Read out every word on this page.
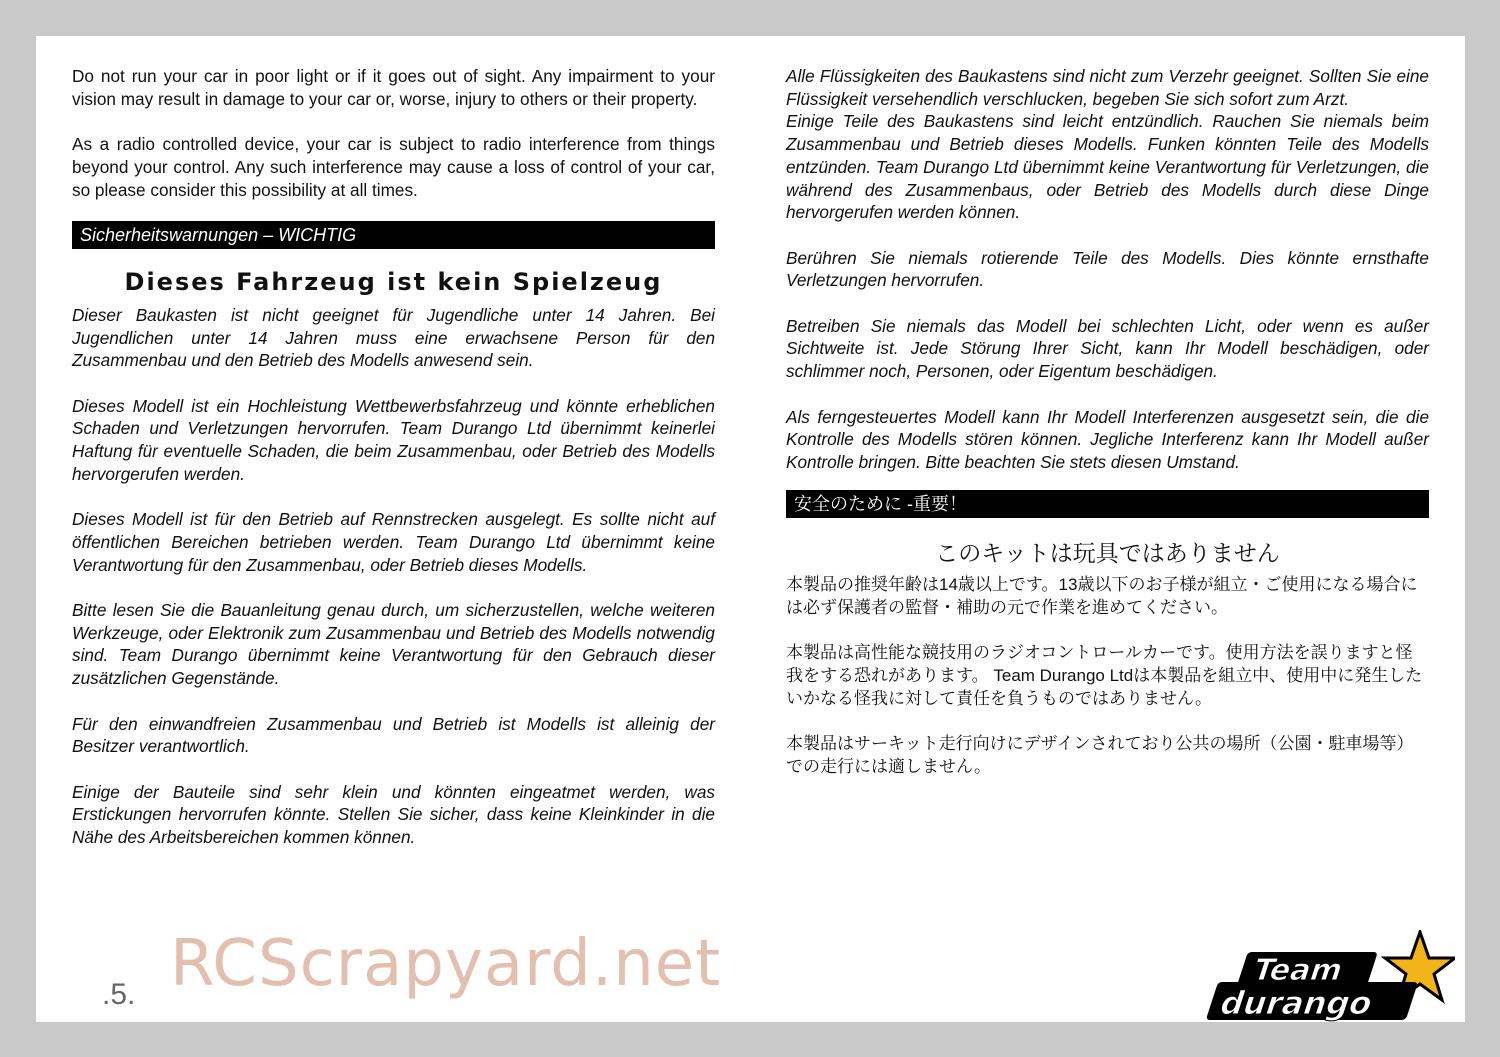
Do not run your car in poor light or if it goes out of sight. Any impairment to your vision may result in damage to your car or, worse, injury to others or their property.

As a radio controlled device, your car is subject to radio interference from things beyond your control. Any such interference may cause a loss of control of your car, so please consider this possibility at all times.

Sicherheitswarnungen – WICHTIG
Dieses Fahrzeug ist kein Spielzeug

Dieser Baukasten ist nicht geeignet für Jugendliche unter 14 Jahren. Bei Jugendlichen unter 14 Jahren muss eine erwachsene Person für den Zusammenbau und den Betrieb des Modells anwesend sein.

Dieses Modell ist ein Hochleistung Wettbewerbsfahrzeug und könnte erheblichen Schaden und Verletzungen hervorrufen. Team Durango Ltd übernimmt keinerlei Haftung für eventuelle Schaden, die beim Zusammenbau, oder Betrieb des Modells hervorgerufen werden.

Dieses Modell ist für den Betrieb auf Rennstrecken ausgelegt. Es sollte nicht auf öffentlichen Bereichen betrieben werden. Team Durango Ltd übernimmt keine Verantwortung für den Zusammenbau, oder Betrieb dieses Modells.

Bitte lesen Sie die Bauanleitung genau durch, um sicherzustellen, welche weiteren Werkzeuge, oder Elektronik zum Zusammenbau und Betrieb des Modells notwendig sind. Team Durango übernimmt keine Verantwortung für den Gebrauch dieser zusätzlichen Gegenstände.

Für den einwandfreien Zusammenbau und Betrieb ist Modells ist alleinig der Besitzer verantwortlich.

Einige der Bauteile sind sehr klein und könnten eingeatmet werden, was Erstickungen hervorrufen könnte. Stellen Sie sicher, dass keine Kleinkinder in die Nähe des Arbeitsbereichen kommen können.

Alle Flüssigkeiten des Baukastens sind nicht zum Verzehr geeignet. Sollten Sie eine Flüssigkeit versehendlich verschlucken, begeben Sie sich sofort zum Arzt.
Einige Teile des Baukastens sind leicht entzündlich. Rauchen Sie niemals beim Zusammenbau und Betrieb dieses Modells. Funken könnten Teile des Modells entzünden. Team Durango Ltd übernimmt keine Verantwortung für Verletzungen, die während des Zusammenbaus, oder Betrieb des Modells durch diese Dinge hervorgerufen werden können.

Berühren Sie niemals rotierende Teile des Modells. Dies könnte ernsthafte Verletzungen hervorrufen.

Betreiben Sie niemals das Modell bei schlechten Licht, oder wenn es außer Sichtweite ist. Jede Störung Ihrer Sicht, kann Ihr Modell beschädigen, oder schlimmer noch, Personen, oder Eigentum beschädigen.

Als ferngesteuertes Modell kann Ihr Modell Interferenzen ausgesetzt sein, die die Kontrolle des Modells stören können. Jegliche Interferenz kann Ihr Modell außer Kontrolle bringen. Bitte beachten Sie stets diesen Umstand.

安全のために -重要！
このキットは玩具ではありません

本製品の推奨年齢は14歳以上です。13歳以下のお子様が組立・ご使用になる場合には必ず保護者の監督・補助の元で作業を進めてください。

本製品は高性能な競技用のラジオコントロールカーです。使用方法を誤りますと怪我をする恐れがあります。 Team Durango Ltdは本製品を組立中、使用中に発生したいかなる怪我に対して責任を負うものではありません。

本製品はサーキット走行向けにデザインされており公共の場所（公園・駐車場等）での走行には適しません。

.5. RCScrapyard.net	Team
durango
